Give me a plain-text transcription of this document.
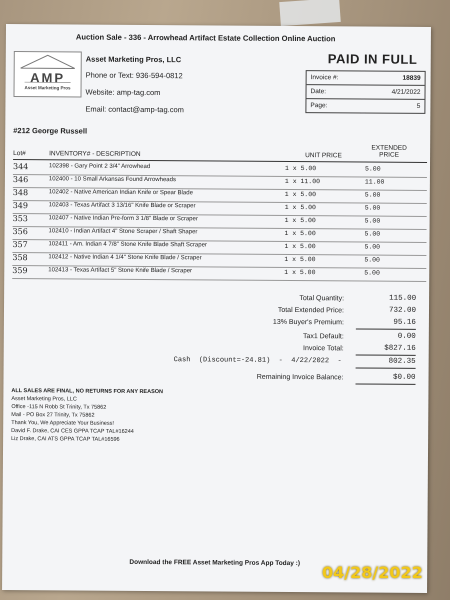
Auction Sale - 336 - Arrowhead Artifact Estate Collection Online Auction
AMP
Asset Marketing Pros
Asset Marketing Pros, LLC
Phone or Text: 936-594-0812
Website: amp-tag.com
Email: contact@amp-tag.com
PAID IN FULL
Invoice #:	18839
Date:	4/21/2022
Page:	5
#212 George Russell
Lot#	INVENTORY# - DESCRIPTION	UNIT PRICE
EXTENDED
PRICE
344	102398 - Gary Point 2 3/4" Arrowhead	1 x 5.00	5.00
346	102400 - 10 Small Arkansas Found Arrowheads	1 x 11.00	11.00
348	102402 - Native American Indian Knife or Spear Blade	1 x 5.00	5.00
349	102403 - Texas Artifact 3 13/16" Knife Blade or Scraper	1 x 5.00	5.00
353	102407 - Native Indian Pre-form 3 1/8" Blade or Scraper	1 x 5.00	5.00
356	102410 - Indian Artifact 4" Stone Scraper / Shaft Shaper	1 x 5.00	5.00
357	102411 - Am. Indian 4 7/8" Stone Knife Blade Shaft Scraper	1 x 5.00	5.00
358	102412 - Native Indian 4 1/4" Stone Knife Blade / Scraper	1 x 5.00	5.00
359	102413 - Texas Artifact 5" Stone Knife Blade / Scraper	1 x 5.00	5.00
Total Quantity:	115.00
Total Extended Price:	732.00
13% Buyer's Premium:	95.16
Tax1 Default:	0.00
Invoice Total:	$827.16
Cash  (Discount=-24.81)  -  4/22/2022  -	802.35
Remaining Invoice Balance:	$0.00
ALL SALES ARE FINAL, NO RETURNS FOR ANY REASON
Asset Marketing Pros, LLC
Office -115 N Robb St Trinity, Tx 75862
Mail - PO Box 27 Trinity, Tx 75862
Thank You, We Appreciate Your Business!
David F. Drake, CAI CES GPPA TCAP TAL#16244
Liz Drake, CAI ATS GPPA TCAP TAL#16596
Download the FREE Asset Marketing Pros App Today :)
04/28/2022
